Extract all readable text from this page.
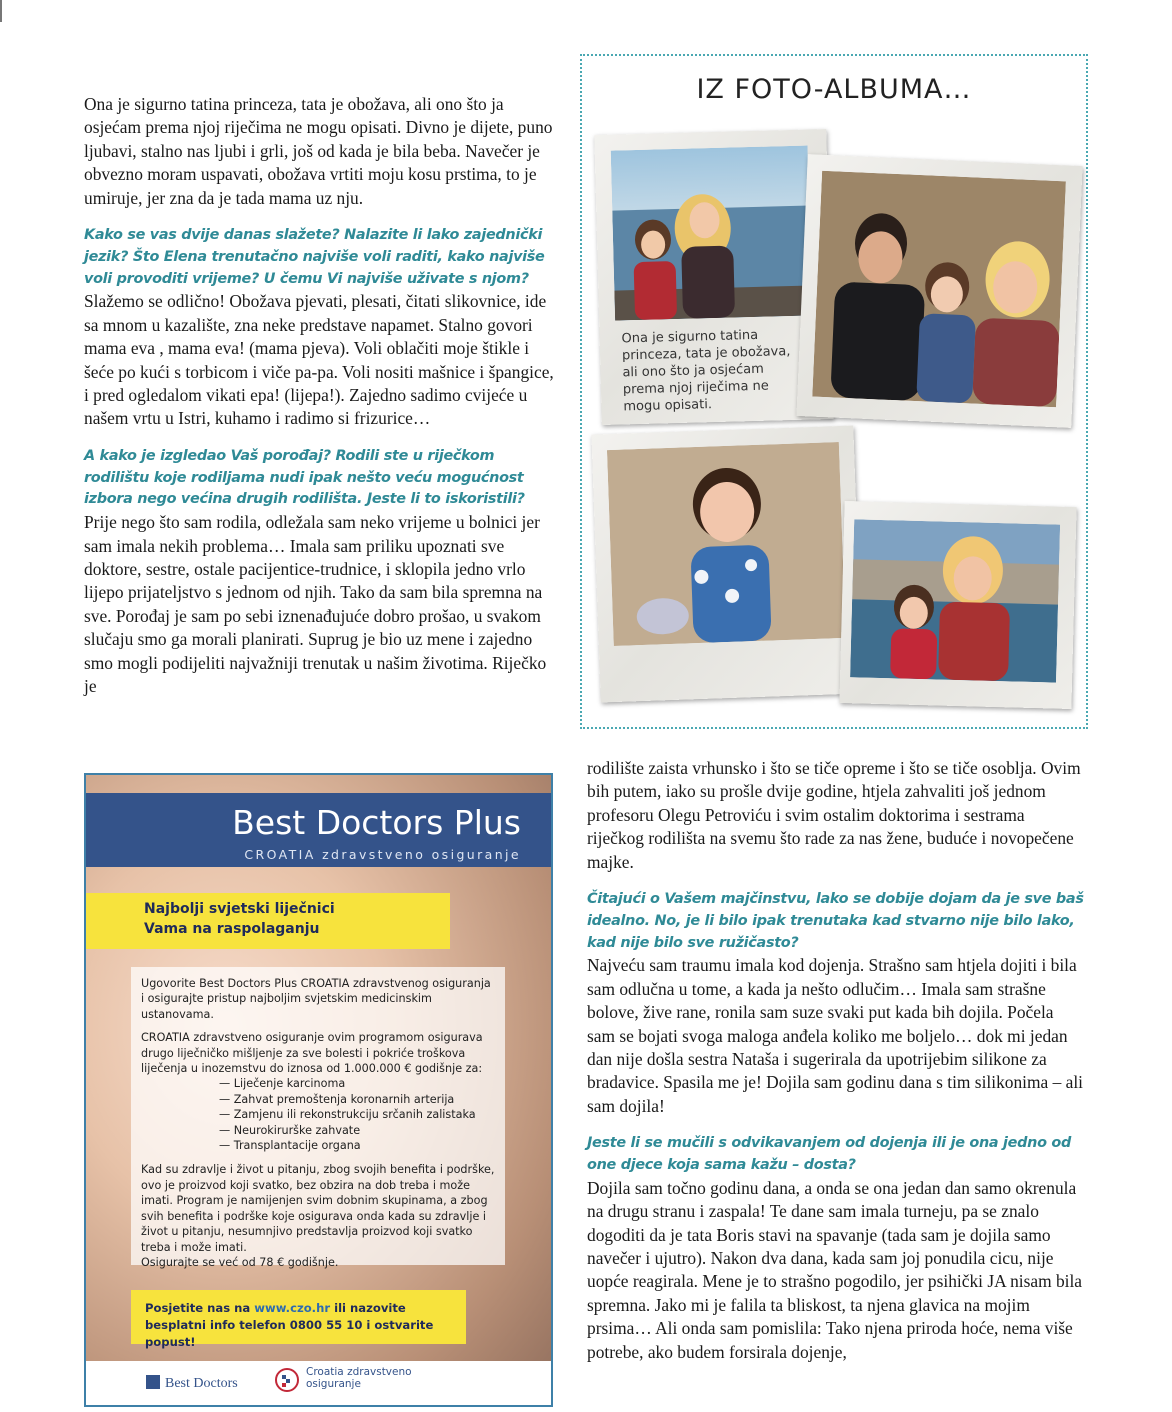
Ona je sigurno tatina princeza, tata je obožava, ali ono što ja osjećam prema njoj riječima ne mogu opisati. Divno je dijete, puno ljubavi, stalno nas ljubi i grli, još od kada je bila beba. Navečer je obvezno moram uspavati, obožava vrtiti moju kosu prstima, to je umiruje, jer zna da je tada mama uz nju.

Kako se vas dvije danas slažete? Nalazite li lako zajednički jezik? Što Elena trenutačno najviše voli raditi, kako najviše voli provoditi vrijeme? U čemu Vi najviše uživate s njom?

Slažemo se odlično! Obožava pjevati, plesati, čitati slikovnice, ide sa mnom u kazalište, zna neke predstave napamet. Stalno govori mama eva , mama eva! (mama pjeva). Voli oblačiti moje štikle i šeće po kući s torbicom i viče pa-pa. Voli nositi mašnice i špangice, i pred ogledalom vikati epa! (lijepa!). Zajedno sadimo cvijeće u našem vrtu u Istri, kuhamo i radimo si frizurice…

A kako je izgledao Vaš porođaj? Rodili ste u riječkom rodilištu koje rodiljama nudi ipak nešto veću mogućnost izbora nego većina drugih rodilišta. Jeste li to iskoristili?

Prije nego što sam rodila, odležala sam neko vrijeme u bolnici jer sam imala nekih problema… Imala sam priliku upoznati sve doktore, sestre, ostale pacijentice-trudnice, i sklopila jedno vrlo lijepo prijateljstvo s jednom od njih. Tako da sam bila spremna na sve. Porođaj je sam po sebi iznenađujuće dobro prošao, u svakom slučaju smo ga morali planirati. Suprug je bio uz mene i zajedno smo mogli podijeliti najvažniji trenutak u našim životima. Riječko je

IZ FOTO-ALBUMA…
Ona je sigurno tatina princeza, tata je obožava, ali ono što ja osjećam prema njoj riječima ne mogu opisati.

rodilište zaista vrhunsko i što se tiče opreme i što se tiče osoblja. Ovim bih putem, iako su prošle dvije godine, htjela zahvaliti još jednom profesoru Olegu Petroviću i svim ostalim doktorima i sestrama riječkog rodilišta na svemu što rade za nas žene, buduće i novopečene majke.

Čitajući o Vašem majčinstvu, lako se dobije dojam da je sve baš idealno. No, je li bilo ipak trenutaka kad stvarno nije bilo lako, kad nije bilo sve ružičasto?

Najveću sam traumu imala kod dojenja. Strašno sam htjela dojiti i bila sam odlučna u tome, a kada ja nešto odlučim… Imala sam strašne bolove, žive rane, ronila sam suze svaki put kada bih dojila. Počela sam se bojati svoga maloga anđela koliko me boljelo… dok mi jedan dan nije došla sestra Nataša i sugerirala da upotrijebim silikone za bradavice. Spasila me je! Dojila sam godinu dana s tim silikonima – ali sam dojila!

Jeste li se mučili s odvikavanjem od dojenja ili je ona jedno od one djece koja sama kažu – dosta?

Dojila sam točno godinu dana, a onda se ona jedan dan samo okrenula na drugu stranu i zaspala! Te dane sam imala turneju, pa se znalo dogoditi da je tata Boris stavi na spavanje (tada sam je dojila samo navečer i ujutro). Nakon dva dana, kada sam joj ponudila cicu, nije uopće reagirala. Mene je to strašno pogodilo, jer psihički JA nisam bila spremna. Jako mi je falila ta bliskost, ta njena glavica na mojim prsima… Ali onda sam pomislila: Tako njena priroda hoće, nema više potrebe, ako budem forsirala dojenje,

Best Doctors Plus
CROATIA zdravstveno osiguranje
Najbolji svjetski liječnici
Vama na raspolaganju

Ugovorite Best Doctors Plus CROATIA zdravstvenog osiguranja i osigurajte pristup najboljim svjetskim medicinskim ustanovama.

CROATIA zdravstveno osiguranje ovim programom osigurava drugo liječničko mišljenje za sve bolesti i pokriće troškova liječenja u inozemstvu do iznosa od 1.000.000 € godišnje za:

— Liječenje karcinoma
— Zahvat premoštenja koronarnih arterija
— Zamjenu ili rekonstrukciju srčanih zalistaka
— Neurokirurške zahvate
— Transplantacije organa

Kad su zdravlje i život u pitanju, zbog svojih benefita i podrške, ovo je proizvod koji svatko, bez obzira na dob treba i može imati. Program je namijenjen svim dobnim skupinama, a zbog svih benefita i podrške koje osigurava onda kada su zdravlje i život u pitanju, nesumnjivo predstavlja proizvod koji svatko treba i može imati.

Osigurajte se već od 78 € godišnje.

Posjetite nas na www.czo.hr ili nazovite besplatni info telefon 0800 55 10 i ostvarite popust!
Best Doctors
Croatia zdravstveno
osiguranje
